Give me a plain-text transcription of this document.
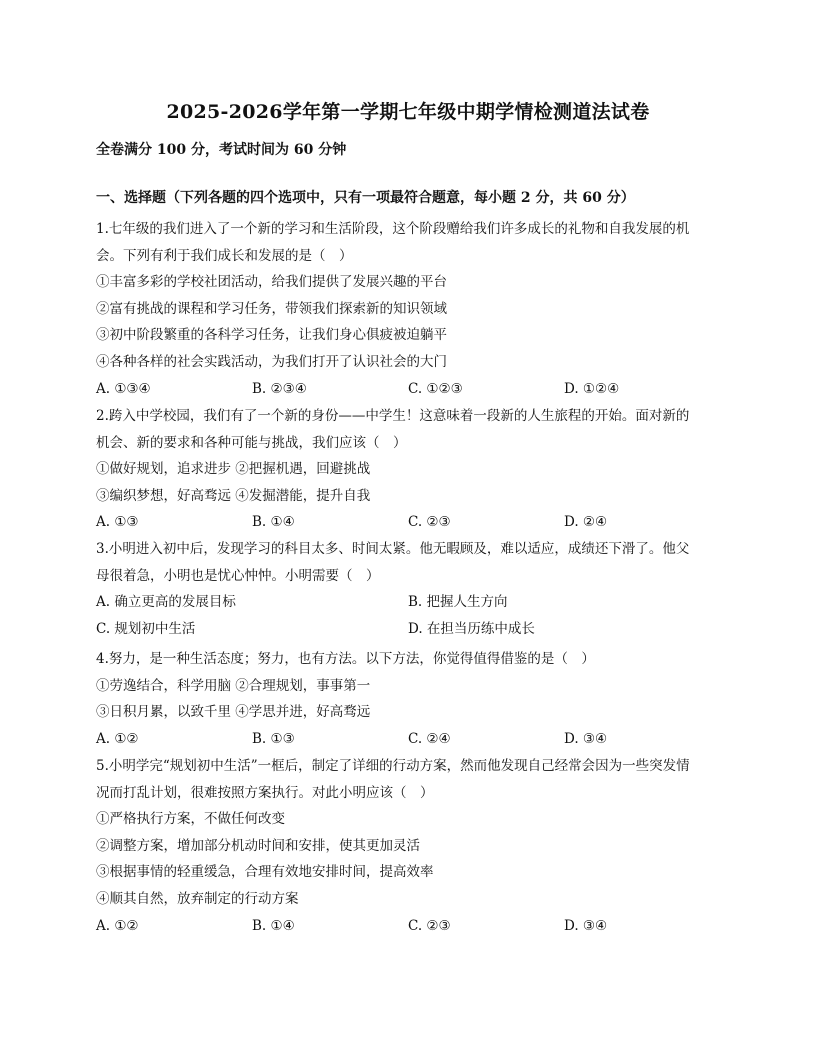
2025-2026学年第一学期七年级中期学情检测道法试卷
全卷满分 100 分，考试时间为 60 分钟
一、选择题（下列各题的四个选项中，只有一项最符合题意，每小题 2 分，共 60 分）
1.七年级的我们进入了一个新的学习和生活阶段，这个阶段赠给我们许多成长的礼物和自我发展的机
会。下列有利于我们成长和发展的是（　）
①丰富多彩的学校社团活动，给我们提供了发展兴趣的平台
②富有挑战的课程和学习任务，带领我们探索新的知识领域
③初中阶段繁重的各科学习任务，让我们身心俱疲被迫躺平
④各种各样的社会实践活动，为我们打开了认识社会的大门
A. ①③④	B. ②③④	C. ①②③	D. ①②④
2.跨入中学校园，我们有了一个新的身份——中学生！这意味着一段新的人生旅程的开始。面对新的
机会、新的要求和各种可能与挑战，我们应该（　）
①做好规划，追求进步 ②把握机遇，回避挑战
③编织梦想，好高骛远 ④发掘潜能，提升自我
A. ①③	B. ①④	C. ②③	D. ②④
3.小明进入初中后，发现学习的科目太多、时间太紧。他无暇顾及，难以适应，成绩还下滑了。他父
母很着急，小明也是忧心忡忡。小明需要（　）
A. 确立更高的发展目标	B. 把握人生方向
C. 规划初中生活	D. 在担当历练中成长
4.努力，是一种生活态度；努力，也有方法。以下方法，你觉得值得借鉴的是（　）
①劳逸结合，科学用脑 ②合理规划，事事第一
③日积月累，以致千里 ④学思并进，好高骛远
A. ①②	B. ①③	C. ②④	D. ③④
5.小明学完“规划初中生活”一框后，制定了详细的行动方案，然而他发现自己经常会因为一些突发情
况而打乱计划，很难按照方案执行。对此小明应该（　）
①严格执行方案，不做任何改变
②调整方案，增加部分机动时间和安排，使其更加灵活
③根据事情的轻重缓急，合理有效地安排时间，提高效率
④顺其自然，放弃制定的行动方案
A. ①②	B. ①④	C. ②③	D. ③④
